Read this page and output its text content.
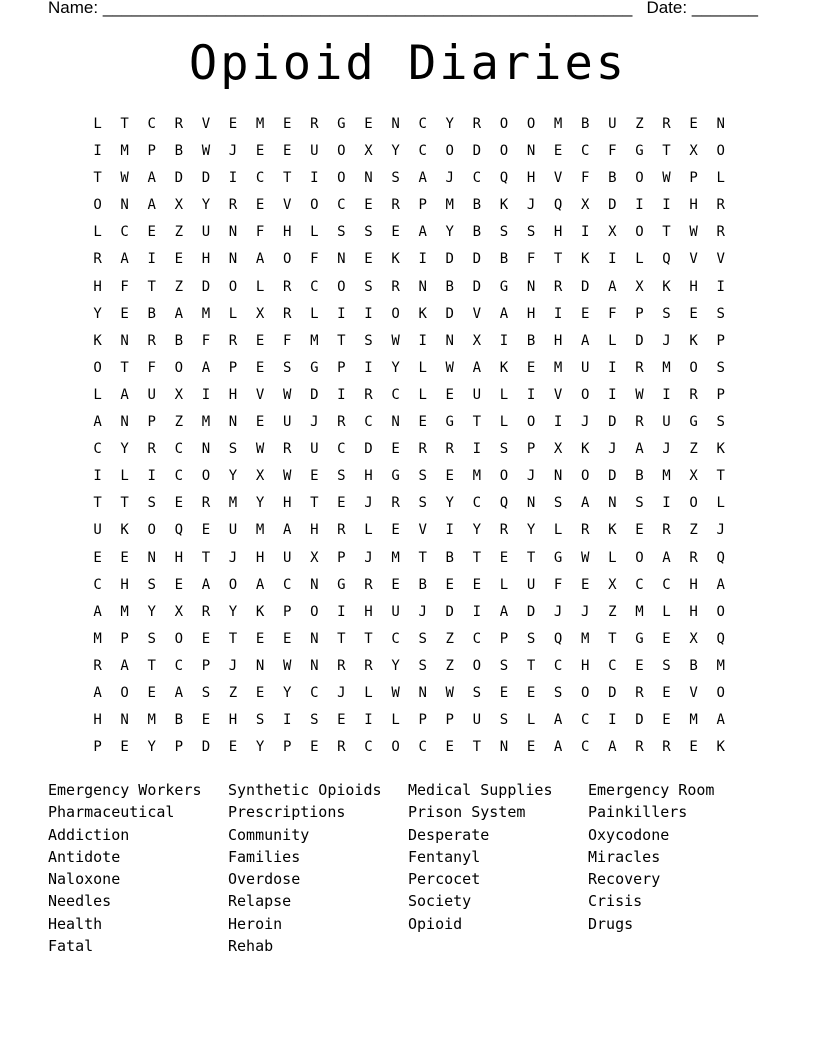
Name: ________________________________________________________ Date: _______
Opioid Diaries
L	T	C	R	V	E	M	E	R	G	E	N	C	Y	R	O	O	M	B	U	Z	R	E	N
I	M	P	B	W	J	E	E	U	O	X	Y	C	O	D	O	N	E	C	F	G	T	X	O
T	W	A	D	D	I	C	T	I	O	N	S	A	J	C	Q	H	V	F	B	O	W	P	L
O	N	A	X	Y	R	E	V	O	C	E	R	P	M	B	K	J	Q	X	D	I	I	H	R
L	C	E	Z	U	N	F	H	L	S	S	E	A	Y	B	S	S	H	I	X	O	T	W	R
R	A	I	E	H	N	A	O	F	N	E	K	I	D	D	B	F	T	K	I	L	Q	V	V
H	F	T	Z	D	O	L	R	C	O	S	R	N	B	D	G	N	R	D	A	X	K	H	I
Y	E	B	A	M	L	X	R	L	I	I	O	K	D	V	A	H	I	E	F	P	S	E	S
K	N	R	B	F	R	E	F	M	T	S	W	I	N	X	I	B	H	A	L	D	J	K	P
O	T	F	O	A	P	E	S	G	P	I	Y	L	W	A	K	E	M	U	I	R	M	O	S
L	A	U	X	I	H	V	W	D	I	R	C	L	E	U	L	I	V	O	I	W	I	R	P
A	N	P	Z	M	N	E	U	J	R	C	N	E	G	T	L	O	I	J	D	R	U	G	S
C	Y	R	C	N	S	W	R	U	C	D	E	R	R	I	S	P	X	K	J	A	J	Z	K
I	L	I	C	O	Y	X	W	E	S	H	G	S	E	M	O	J	N	O	D	B	M	X	T
T	T	S	E	R	M	Y	H	T	E	J	R	S	Y	C	Q	N	S	A	N	S	I	O	L
U	K	O	Q	E	U	M	A	H	R	L	E	V	I	Y	R	Y	L	R	K	E	R	Z	J
E	E	N	H	T	J	H	U	X	P	J	M	T	B	T	E	T	G	W	L	O	A	R	Q
C	H	S	E	A	O	A	C	N	G	R	E	B	E	E	L	U	F	E	X	C	C	H	A
A	M	Y	X	R	Y	K	P	O	I	H	U	J	D	I	A	D	J	J	Z	M	L	H	O
M	P	S	O	E	T	E	E	N	T	T	C	S	Z	C	P	S	Q	M	T	G	E	X	Q
R	A	T	C	P	J	N	W	N	R	R	Y	S	Z	O	S	T	C	H	C	E	S	B	M
A	O	E	A	S	Z	E	Y	C	J	L	W	N	W	S	E	E	S	O	D	R	E	V	O
H	N	M	B	E	H	S	I	S	E	I	L	P	P	U	S	L	A	C	I	D	E	M	A
P	E	Y	P	D	E	Y	P	E	R	C	O	C	E	T	N	E	A	C	A	R	R	E	K
Emergency Workers
Pharmaceutical
Addiction
Antidote
Naloxone
Needles
Health
Fatal
Synthetic Opioids
Prescriptions
Community
Families
Overdose
Relapse
Heroin
Rehab
Medical Supplies
Prison System
Desperate
Fentanyl
Percocet
Society
Opioid
Emergency Room
Painkillers
Oxycodone
Miracles
Recovery
Crisis
Drugs
